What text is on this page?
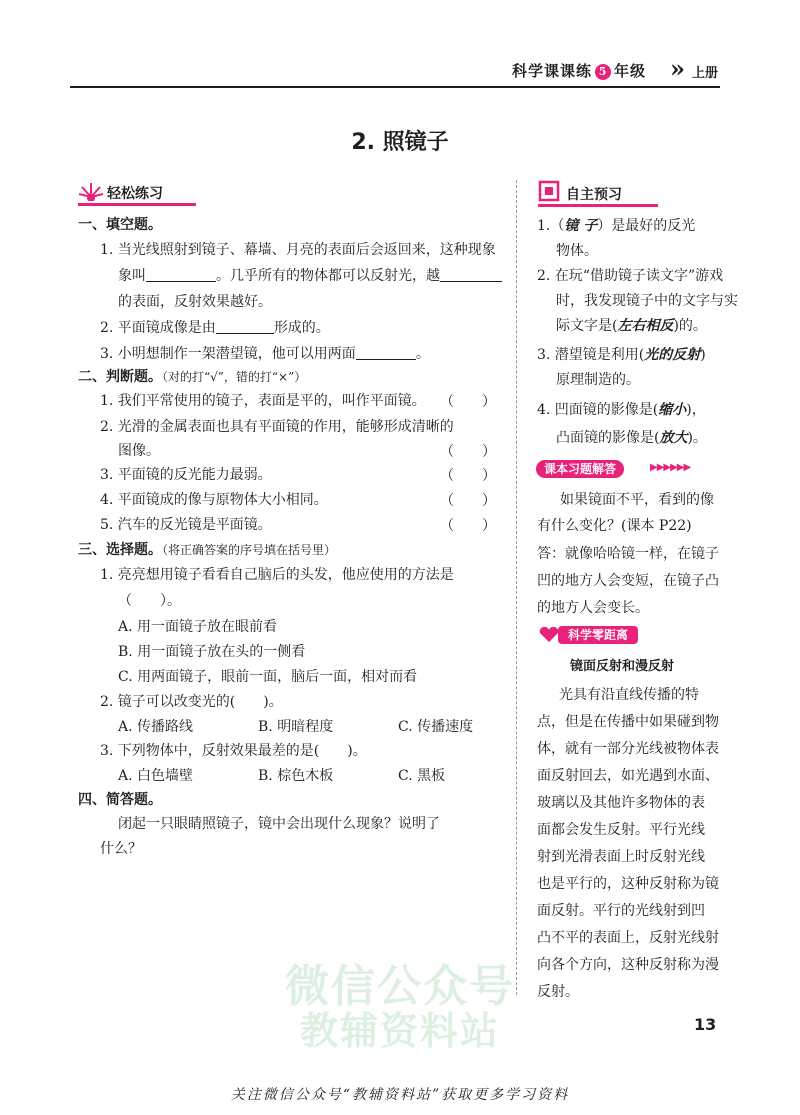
科学课课练 5 年级 » 上册
微信公众号
教辅资料站
2. 照镜子
轻松练习
一、填空题。
1. 当光线照射到镜子、幕墙、月亮的表面后会返回来，这种现象
象叫	。几乎所有的物体都可以反射光，越
的表面，反射效果越好。
2. 平面镜成像是由	形成的。
3. 小明想制作一架潜望镜，他可以用两面	。
二、判断题。（对的打“√”，错的打“×”）
1. 我们平常使用的镜子，表面是平的，叫作平面镜。 （　　）
2. 光滑的金属表面也具有平面镜的作用，能够形成清晰的
图像。	（　　）
3. 平面镜的反光能力最弱。	（　　）
4. 平面镜成的像与原物体大小相同。	（　　）
5. 汽车的反光镜是平面镜。	（　　）
三、选择题。（将正确答案的序号填在括号里）
1. 亮亮想用镜子看看自己脑后的头发，他应使用的方法是
（　　）。
A. 用一面镜子放在眼前看
B. 用一面镜子放在头的一侧看
C. 用两面镜子，眼前一面，脑后一面，相对而看
2. 镜子可以改变光的(　　)。
A. 传播路线	B. 明暗程度	C. 传播速度
3. 下列物体中，反射效果最差的是(　　)。
A. 白色墙壁	B. 棕色木板	C. 黑板
四、简答题。
闭起一只眼睛照镜子，镜中会出现什么现象？说明了
什么？
自主预习
1.（镜 子）是最好的反光
物体。
2. 在玩“借助镜子读文字”游戏
时，我发现镜子中的文字与实
际文字是(左右相反)的。
3. 潜望镜是利用(光的反射)
原理制造的。
4. 凹面镜的影像是(缩小)，
凸面镜的影像是(放大)。
课本习题解答	▶▶▶▶▶▶
如果镜面不平，看到的像
有什么变化？(课本 P22)
答：就像哈哈镜一样，在镜子
凹的地方人会变短，在镜子凸
的地方人会变长。
科学零距离
镜面反射和漫反射
光具有沿直线传播的特
点，但是在传播中如果碰到物
体，就有一部分光线被物体表
面反射回去，如光遇到水面、
玻璃以及其他许多物体的表
面都会发生反射。平行光线
射到光滑表面上时反射光线
也是平行的，这种反射称为镜
面反射。平行的光线射到凹
凸不平的表面上，反射光线射
向各个方向，这种反射称为漫
反射。
13
关注微信公众号“教辅资料站”获取更多学习资料
